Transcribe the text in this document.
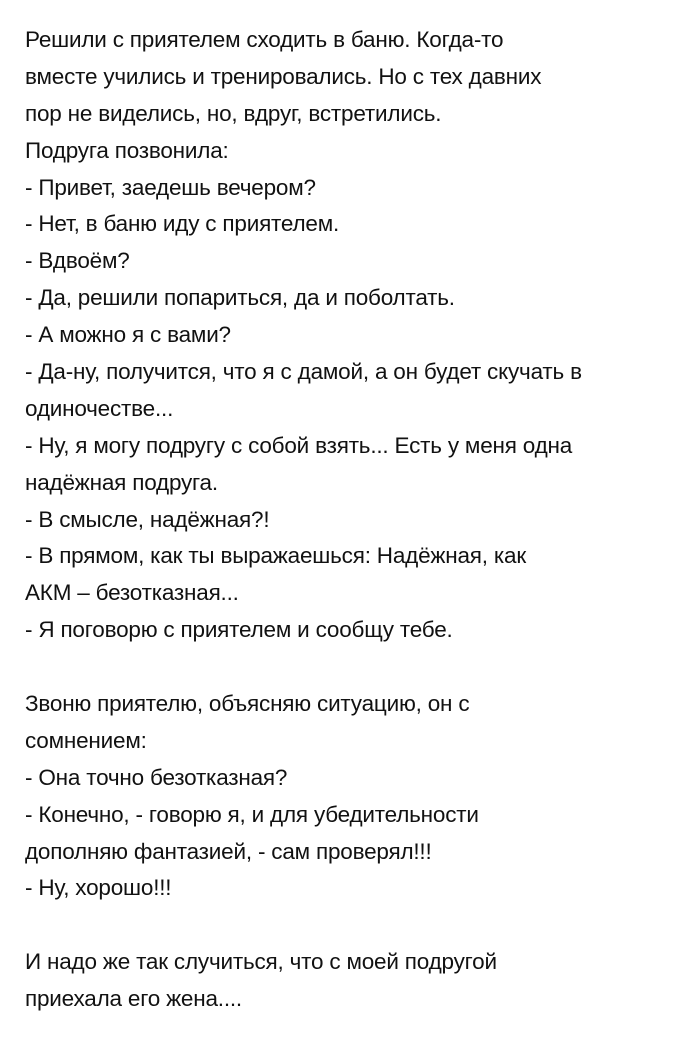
Решили с приятелем сходить в баню. Когда-то
вместе учились и тренировались. Но с тех давних
пор не виделись, но, вдруг, встретились.
Подруга позвонила:
- Привет, заедешь вечером?
- Нет, в баню иду с приятелем.
- Вдвоём?
- Да, решили попариться, да и поболтать.
- А можно я с вами?
- Да-ну, получится, что я с дамой, а он будет скучать в
одиночестве...
- Ну, я могу подругу с собой взять... Есть у меня одна
надёжная подруга.
- В смысле, надёжная?!
- В прямом, как ты выражаешься: Надёжная, как
АКМ – безотказная...
- Я поговорю с приятелем и сообщу тебе.
Звоню приятелю, объясняю ситуацию, он с
сомнением:
- Она точно безотказная?
- Конечно, - говорю я, и для убедительности
дополняю фантазией, - сам проверял!!!
- Ну, хорошо!!!
И надо же так случиться, что с моей подругой
приехала его жена....
